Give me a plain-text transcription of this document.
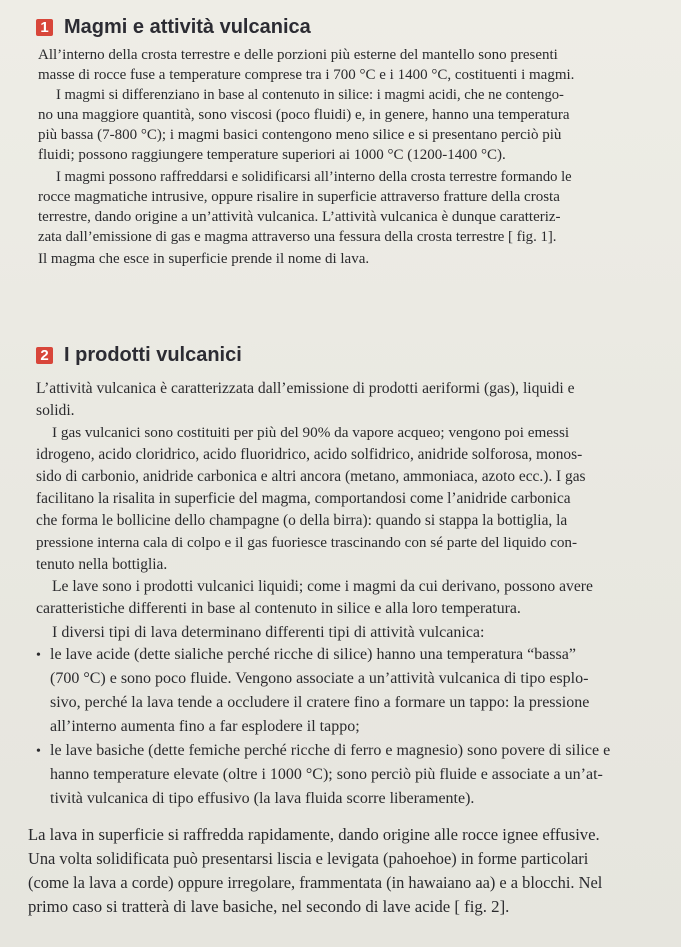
1 Magmi e attività vulcanica
All’interno della crosta terrestre e delle porzioni più esterne del mantello sono presenti
masse di rocce fuse a temperature comprese tra i 700 °C e i 1400 °C, costituenti i magmi.
I magmi si differenziano in base al contenuto in silice: i magmi acidi, che ne contengo-
no una maggiore quantità, sono viscosi (poco fluidi) e, in genere, hanno una temperatura
più bassa (7-800 °C); i magmi basici contengono meno silice e si presentano perciò più
fluidi; possono raggiungere temperature superiori ai 1000 °C (1200-1400 °C).
I magmi possono raffreddarsi e solidificarsi all’interno della crosta terrestre formando le
rocce magmatiche intrusive, oppure risalire in superficie attraverso fratture della crosta
terrestre, dando origine a un’attività vulcanica. L’attività vulcanica è dunque caratteriz-
zata dall’emissione di gas e magma attraverso una fessura della crosta terrestre [ fig. 1].
Il magma che esce in superficie prende il nome di lava.
2 I prodotti vulcanici
L’attività vulcanica è caratterizzata dall’emissione di prodotti aeriformi (gas), liquidi e
solidi.
I gas vulcanici sono costituiti per più del 90% da vapore acqueo; vengono poi emessi
idrogeno, acido cloridrico, acido fluoridrico, acido solfidrico, anidride solforosa, monos-
sido di carbonio, anidride carbonica e altri ancora (metano, ammoniaca, azoto ecc.). I gas
facilitano la risalita in superficie del magma, comportandosi come l’anidride carbonica
che forma le bollicine dello champagne (o della birra): quando si stappa la bottiglia, la
pressione interna cala di colpo e il gas fuoriesce trascinando con sé parte del liquido con-
tenuto nella bottiglia.
Le lave sono i prodotti vulcanici liquidi; come i magmi da cui derivano, possono avere
caratteristiche differenti in base al contenuto in silice e alla loro temperatura.
I diversi tipi di lava determinano differenti tipi di attività vulcanica:
• le lave acide (dette sialiche perché ricche di silice) hanno una temperatura “bassa”
(700 °C) e sono poco fluide. Vengono associate a un’attività vulcanica di tipo esplo-
sivo, perché la lava tende a occludere il cratere fino a formare un tappo: la pressione
all’interno aumenta fino a far esplodere il tappo;
• le lave basiche (dette femiche perché ricche di ferro e magnesio) sono povere di silice e
hanno temperature elevate (oltre i 1000 °C); sono perciò più fluide e associate a un’at-
tività vulcanica di tipo effusivo (la lava fluida scorre liberamente).
La lava in superficie si raffredda rapidamente, dando origine alle rocce ignee effusive.
Una volta solidificata può presentarsi liscia e levigata (pahoehoe) in forme particolari
(come la lava a corde) oppure irregolare, frammentata (in hawaiano aa) e a blocchi. Nel
primo caso si tratterà di lave basiche, nel secondo di lave acide [ fig. 2].
